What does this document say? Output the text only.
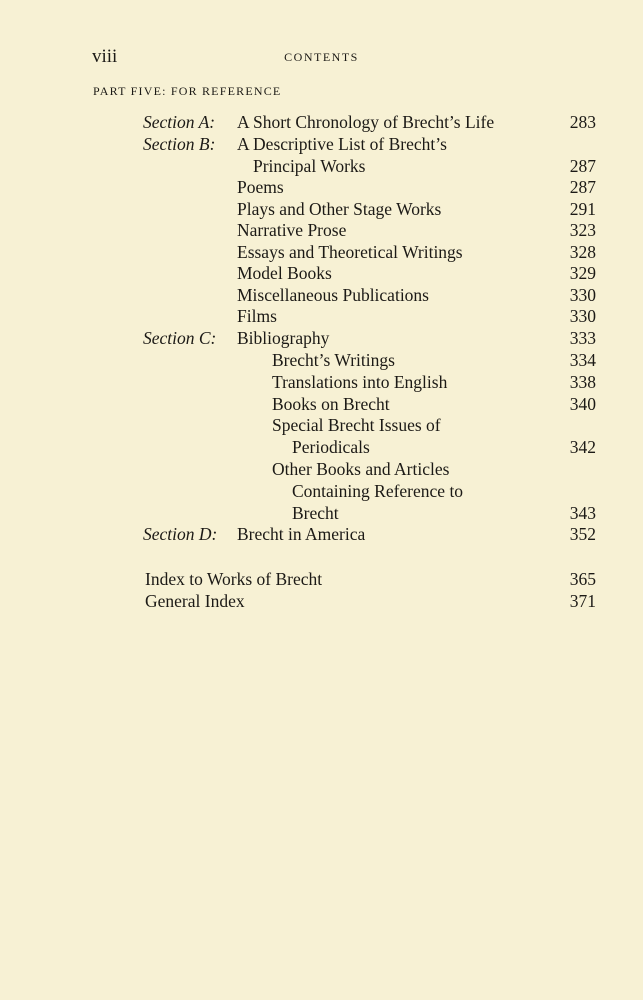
viii	CONTENTS
PART FIVE: FOR REFERENCE
Section A: A Short Chronology of Brecht’s Life	283
Section B: A Descriptive List of Brecht’s
Principal Works	287
Poems	287
Plays and Other Stage Works	291
Narrative Prose	323
Essays and Theoretical Writings	328
Model Books	329
Miscellaneous Publications	330
Films	330
Section C: Bibliography	333
Brecht’s Writings	334
Translations into English	338
Books on Brecht	340
Special Brecht Issues of
Periodicals	342
Other Books and Articles
Containing Reference to
Brecht	343
Section D: Brecht in America	352
Index to Works of Brecht	365
General Index	371
